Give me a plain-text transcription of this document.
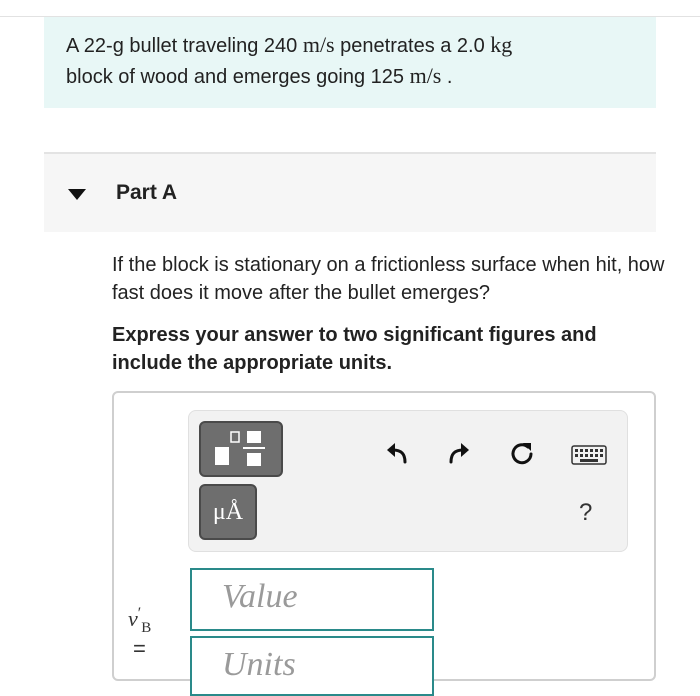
A 22-g bullet traveling 240 m/s penetrates a 2.0 kg
block of wood and emerges going 125 m/s .
Part A
If the block is stationary on a frictionless surface when hit, how fast does it move after the bullet emerges?
Express your answer to two significant figures and include the appropriate units.
μÅ	?
$v'_B$
=
Value
Units
